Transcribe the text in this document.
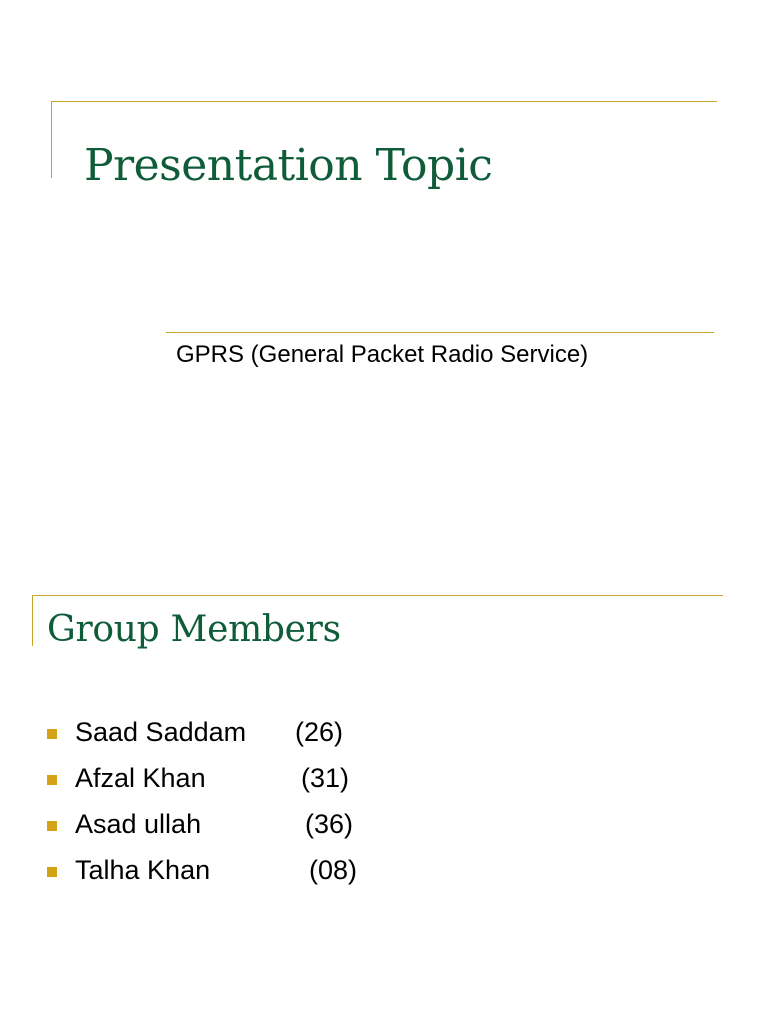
Presentation Topic

GPRS (General Packet Radio Service)

Group Members
Saad Saddam (26)
Afzal Khan	(31)
Asad ullah	(36)
Talha Khan	(08)
